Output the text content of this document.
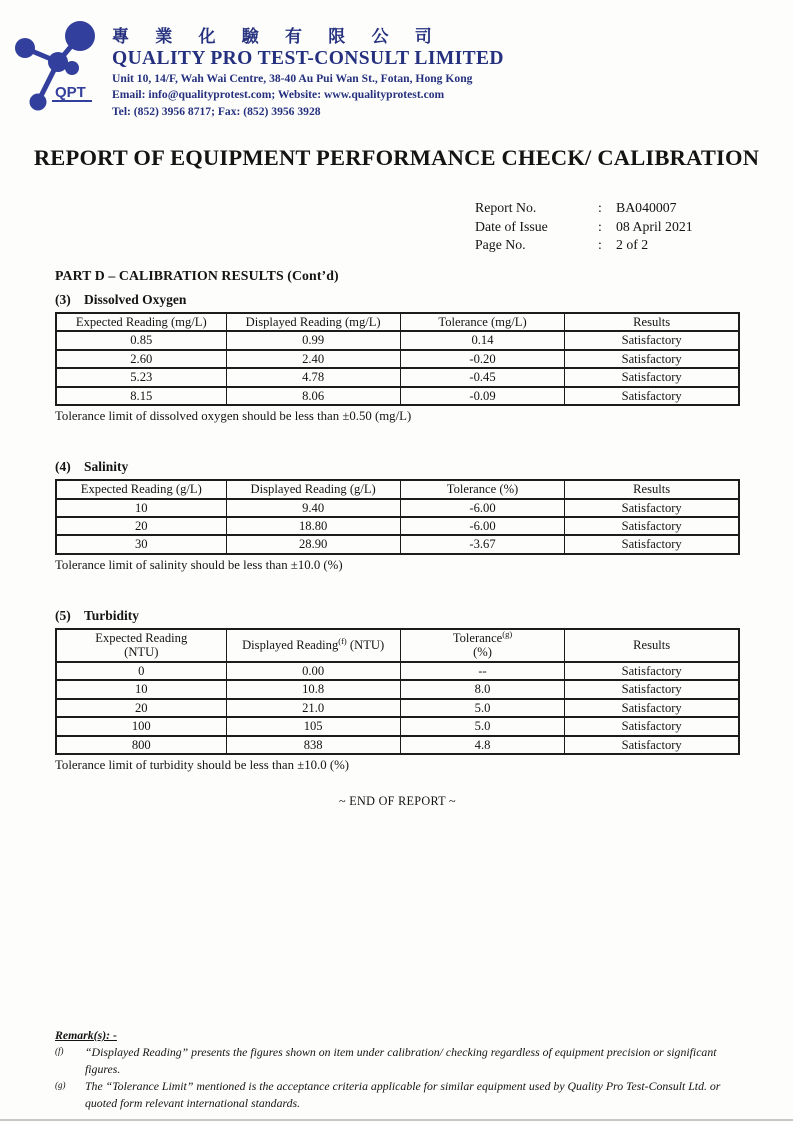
QPT
專 業 化 驗 有 限 公 司
QUALITY PRO TEST-CONSULT LIMITED
Unit 10, 14/F, Wah Wai Centre, 38-40 Au Pui Wan St., Fotan, Hong Kong
Email: info@qualityprotest.com; Website: www.qualityprotest.com
Tel: (852) 3956 8717; Fax: (852) 3956 3928
REPORT OF EQUIPMENT PERFORMANCE CHECK/ CALIBRATION
Report No.	:	BA040007
Date of Issue	:	08 April 2021
Page No.	:	2 of 2
PART D – CALIBRATION RESULTS (Cont’d)
(3) Dissolved Oxygen
Expected Reading (mg/L)	Displayed Reading (mg/L)	Tolerance (mg/L)	Results

0.85	0.99	0.14	Satisfactory
2.60	2.40	-0.20	Satisfactory
5.23	4.78	-0.45	Satisfactory
8.15	8.06	-0.09	Satisfactory
Tolerance limit of dissolved oxygen should be less than ±0.50 (mg/L)
(4) Salinity
Expected Reading (g/L)	Displayed Reading (g/L)	Tolerance (%)	Results

10	9.40	-6.00	Satisfactory
20	18.80	-6.00	Satisfactory
30	28.90	-3.67	Satisfactory
Tolerance limit of salinity should be less than ±10.0 (%)
(5) Turbidity
Expected Reading
(NTU)

Displayed Reading$^{(f)}$ (NTU)

Tolerance$^{(g)}$
(%)

Results

0	0.00	--	Satisfactory
10	10.8	8.0	Satisfactory
20	21.0	5.0	Satisfactory
100	105	5.0	Satisfactory
800	838	4.8	Satisfactory
Tolerance limit of turbidity should be less than ±10.0 (%)
~ END OF REPORT ~
Remark(s): -
(f)	“Displayed Reading” presents the figures shown on item under calibration/ checking regardless of equipment precision or significant figures.
(g)	The “Tolerance Limit” mentioned is the acceptance criteria applicable for similar equipment used by Quality Pro Test-Consult Ltd. or quoted form relevant international standards.
